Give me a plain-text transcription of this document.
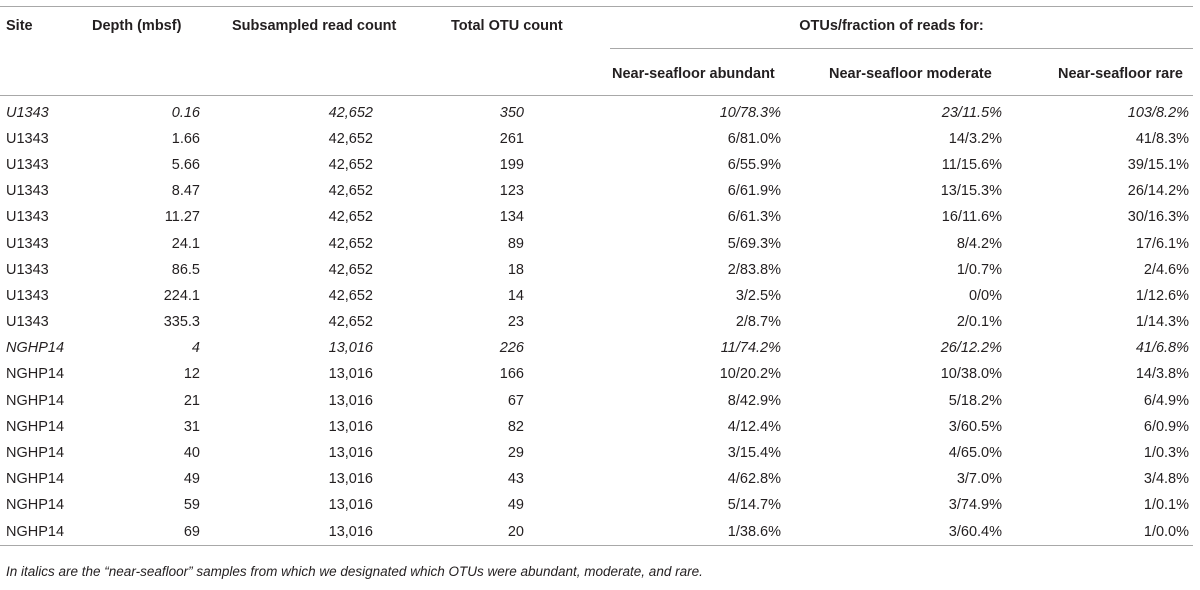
Site	Depth (mbsf)	Subsampled read count	Total OTU count	OTUs/fraction of reads for:		

				Near-seafloor abundant	Near-seafloor moderate	Near-seafloor rare
U1343	0.16	42,652	350	10/78.3%	23/11.5%	103/8.2%
U1343	1.66	42,652	261	6/81.0%	14/3.2%	41/8.3%
U1343	5.66	42,652	199	6/55.9%	11/15.6%	39/15.1%
U1343	8.47	42,652	123	6/61.9%	13/15.3%	26/14.2%
U1343	11.27	42,652	134	6/61.3%	16/11.6%	30/16.3%
U1343	24.1	42,652	89	5/69.3%	8/4.2%	17/6.1%
U1343	86.5	42,652	18	2/83.8%	1/0.7%	2/4.6%
U1343	224.1	42,652	14	3/2.5%	0/0%	1/12.6%
U1343	335.3	42,652	23	2/8.7%	2/0.1%	1/14.3%
NGHP14	4	13,016	226	11/74.2%	26/12.2%	41/6.8%
NGHP14	12	13,016	166	10/20.2%	10/38.0%	14/3.8%
NGHP14	21	13,016	67	8/42.9%	5/18.2%	6/4.9%
NGHP14	31	13,016	82	4/12.4%	3/60.5%	6/0.9%
NGHP14	40	13,016	29	3/15.4%	4/65.0%	1/0.3%
NGHP14	49	13,016	43	4/62.8%	3/7.0%	3/4.8%
NGHP14	59	13,016	49	5/14.7%	3/74.9%	1/0.1%
NGHP14	69	13,016	20	1/38.6%	3/60.4%	1/0.0%
In italics are the “near-seafloor” samples from which we designated which OTUs were abundant, moderate, and rare.
